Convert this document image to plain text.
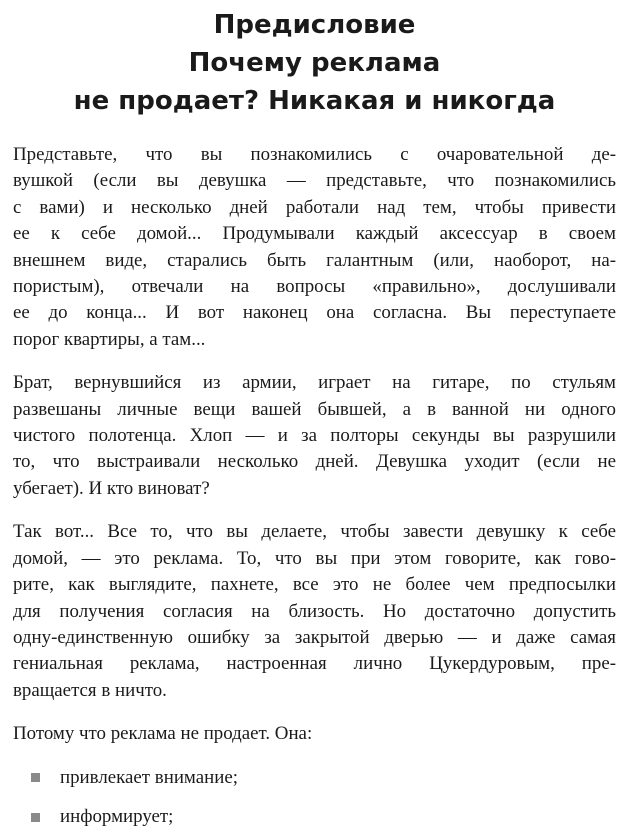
Предисловие
Почему реклама
не продает? Никакая и никогда
Представьте, что вы познакомились с очаровательной де-
вушкой (если вы девушка — представьте, что познакомились
с вами) и несколько дней работали над тем, чтобы привести
ее к себе домой... Продумывали каждый аксессуар в своем
внешнем виде, старались быть галантным (или, наоборот, на-
пористым), отвечали на вопросы «правильно», дослушивали
ее до конца... И вот наконец она согласна. Вы переступаете
порог квартиры, а там...
Брат, вернувшийся из армии, играет на гитаре, по стульям
развешаны личные вещи вашей бывшей, а в ванной ни одного
чистого полотенца. Хлоп — и за полторы секунды вы разрушили
то, что выстраивали несколько дней. Девушка уходит (если не
убегает). И кто виноват?
Так вот... Все то, что вы делаете, чтобы завести девушку к себе
домой, — это реклама. То, что вы при этом говорите, как гово-
рите, как выглядите, пахнете, все это не более чем предпосылки
для получения согласия на близость. Но достаточно допустить
одну-единственную ошибку за закрытой дверью — и даже самая
гениальная реклама, настроенная лично Цукердуровым, пре-
вращается в ничто.
Потому что реклама не продает. Она:
привлекает внимание;
информирует;
